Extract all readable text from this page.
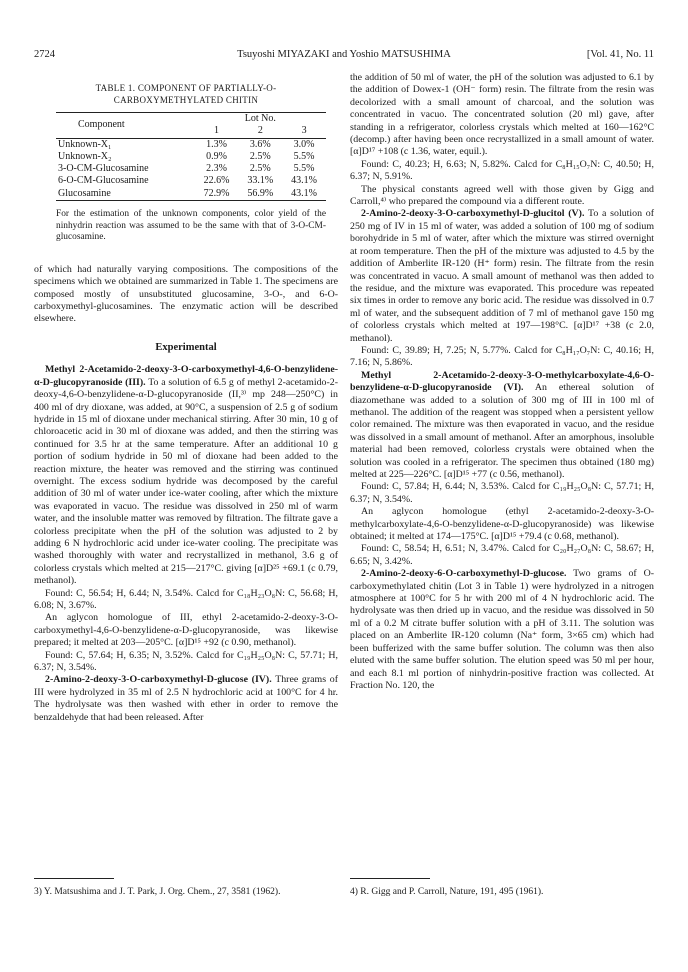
2724	Tsuyoshi MIYAZAKI and Yoshio MATSUSHIMA	[Vol. 41, No. 11
TABLE 1. COMPONENT OF PARTIALLY-O-
CARBOXYMETHYLATED CHITIN
Component	Lot No.		
	1	2	3
Unknown-X₁	1.3%	3.6%	3.0%
Unknown-X₂	0.9%	2.5%	5.5%
3-O-CM-Glucosamine	2.3%	2.5%	5.5%
6-O-CM-Glucosamine	22.6%	33.1%	43.1%
Glucosamine	72.9%	56.9%	43.1%
For the estimation of the unknown components, color yield of the ninhydrin reaction was assumed to be the same with that of 3-O-CM-glucosamine.

of which had naturally varying compositions. The compositions of the specimens which we obtained are summarized in Table 1. The specimens are composed mostly of unsubstituted glucosamine, 3-O-, and 6-O-carboxymethyl-glucosamines. The enzymatic action will be described elsewhere.

Experimental

Methyl 2-Acetamido-2-deoxy-3-O-carboxymethyl-4,6-O-benzylidene-α-D-glucopyranoside (III). To a solution of 6.5 g of methyl 2-acetamido-2-deoxy-4,6-O-benzylidene-α-D-glucopyranoside (II,³⁾ mp 248—250°C) in 400 ml of dry dioxane, was added, at 90°C, a suspension of 2.5 g of sodium hydride in 15 ml of dioxane under mechanical stirring. After 30 min, 10 g of chloroacetic acid in 30 ml of dioxane was added, and then the stirring was continued for 3.5 hr at the same temperature. After an additional 10 g portion of sodium hydride in 50 ml of dioxane had been added to the reaction mixture, the heater was removed and the stirring was continued overnight. The excess sodium hydride was decomposed by the careful addition of 30 ml of water under ice-water cooling, after which the mixture was evaporated in vacuo. The residue was dissolved in 250 ml of warm water, and the insoluble matter was removed by filtration. The filtrate gave a colorless precipitate when the pH of the solution was adjusted to 2 by adding 6 N hydrochloric acid under ice-water cooling. The precipitate was washed thoroughly with water and recrystallized in methanol, 3.6 g of colorless crystals which melted at 215—217°C. giving [α]D²⁵ +69.1 (c 0.79, methanol).

Found: C, 56.54; H, 6.44; N, 3.54%. Calcd for C₁₈H₂₃O₈N: C, 56.68; H, 6.08; N, 3.67%.

An aglycon homologue of III, ethyl 2-acetamido-2-deoxy-3-O-carboxymethyl-4,6-O-benzylidene-α-D-glucopyranoside, was likewise prepared; it melted at 203—205°C. [α]D¹⁵ +92 (c 0.90, methanol).

Found: C, 57.64; H, 6.35; N, 3.52%. Calcd for C₁₉H₂₅O₈N: C, 57.71; H, 6.37; N, 3.54%.

2-Amino-2-deoxy-3-O-carboxymethyl-D-glucose (IV). Three grams of III were hydrolyzed in 35 ml of 2.5 N hydrochloric acid at 100°C for 4 hr. The hydrolysate was then washed with ether in order to remove the benzaldehyde that had been released. After

the addition of 50 ml of water, the pH of the solution was adjusted to 6.1 by the addition of Dowex-1 (OH⁻ form) resin. The filtrate from the resin was decolorized with a small amount of charcoal, and the solution was concentrated in vacuo. The concentrated solution (20 ml) gave, after standing in a refrigerator, colorless crystals which melted at 160—162°C (decomp.) after having been once recrystallized in a small amount of water. [α]D¹⁷ +108 (c 1.36, water, equil.).

Found: C, 40.23; H, 6.63; N, 5.82%. Calcd for C₈H₁₅O₇N: C, 40.50; H, 6.37; N, 5.91%.

The physical constants agreed well with those given by Gigg and Carroll,⁴⁾ who prepared the compound via a different route.

2-Amino-2-deoxy-3-O-carboxymethyl-D-glucitol (V). To a solution of 250 mg of IV in 15 ml of water, was added a solution of 100 mg of sodium borohydride in 5 ml of water, after which the mixture was stirred overnight at room temperature. Then the pH of the mixture was adjusted to 4.5 by the addition of Amberlite IR-120 (H⁺ form) resin. The filtrate from the resin was concentrated in vacuo. A small amount of methanol was then added to the residue, and the mixture was evaporated. This procedure was repeated six times in order to remove any boric acid. The residue was dissolved in 0.7 ml of water, and the subsequent addition of 7 ml of methanol gave 150 mg of colorless crystals which melted at 197—198°C. [α]D¹⁷ +38 (c 2.0, methanol).

Found: C, 39.89; H, 7.25; N, 5.77%. Calcd for C₈H₁₇O₇N: C, 40.16; H, 7.16; N, 5.86%.

Methyl 2-Acetamido-2-deoxy-3-O-methylcarboxylate-4,6-O-benzylidene-α-D-glucopyranoside (VI). An ethereal solution of diazomethane was added to a solution of 300 mg of III in 100 ml of methanol. The addition of the reagent was stopped when a persistent yellow color remained. The mixture was then evaporated in vacuo, and the residue was dissolved in a small amount of methanol. After an amorphous, insoluble material had been removed, colorless crystals were obtained when the solution was cooled in a refrigerator. The specimen thus obtained (180 mg) melted at 225—226°C. [α]D¹⁵ +77 (c 0.56, methanol).

Found: C, 57.84; H, 6.44; N, 3.53%. Calcd for C₁₉H₂₅O₈N: C, 57.71; H, 6.37; N, 3.54%.

An aglycon homologue (ethyl 2-acetamido-2-deoxy-3-O-methylcarboxylate-4,6-O-benzylidene-α-D-glucopyranoside) was likewise obtained; it melted at 174—175°C. [α]D¹⁵ +79.4 (c 0.68, methanol).

Found: C, 58.54; H, 6.51; N, 3.47%. Calcd for C₂₀H₂₇O₈N: C, 58.67; H, 6.65; N, 3.42%.

2-Amino-2-deoxy-6-O-carboxymethyl-D-glucose. Two grams of O-carboxymethylated chitin (Lot 3 in Table 1) were hydrolyzed in a nitrogen atmosphere at 100°C for 5 hr with 200 ml of 4 N hydrochloric acid. The hydrolysate was then dried up in vacuo, and the residue was dissolved in 50 ml of a 0.2 M citrate buffer solution with a pH of 3.11. The solution was placed on an Amberlite IR-120 column (Na⁺ form, 3×65 cm) which had been bufferized with the same buffer solution. The column was then also eluted with the same buffer solution. The elution speed was 50 ml per hour, and each 8.1 ml portion of ninhydrin-positive fraction was collected. At Fraction No. 120, the

3) Y. Matsushima and J. T. Park, J. Org. Chem., 27, 3581 (1962).	4) R. Gigg and P. Carroll, Nature, 191, 495 (1961).
